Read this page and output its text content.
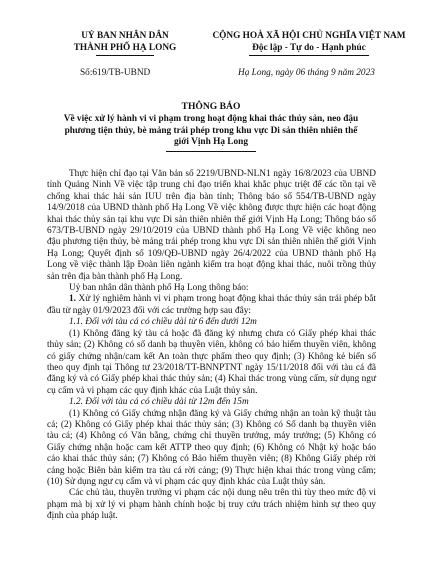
UỶ BAN NHÂN DÂN
THÀNH PHỐ HẠ LONG
CỘNG HOÀ XÃ HỘI CHỦ NGHĨA VIỆT NAM
Độc lập - Tự do - Hạnh phúc
Số:619/TB-UBND	Hạ Long, ngày 06 tháng 9 năm 2023
THÔNG BÁO
Về việc xử lý hành vi vi phạm trong hoạt động khai thác thủy sản, neo đậu phương tiện thủy, bè mảng trái phép trong khu vực Di sản thiên nhiên thế giới Vịnh Hạ Long

Thực hiện chỉ đạo tại Văn bản số 2219/UBND-NLN1 ngày 16/8/2023 của UBND tỉnh Quảng Ninh Về việc tập trung chỉ đạo triển khai khắc phục triệt để các tồn tại về chống khai thác hải sản IUU trên địa bàn tỉnh; Thông báo số 554/TB-UBND ngày 14/9/2018 của UBND thành phố Hạ Long Về việc không được thực hiện các hoạt động khai thác thủy sản tại khu vực Di sản thiên nhiên thế giới Vịnh Hạ Long; Thông báo số 673/TB-UBND ngày 29/10/2019 của UBND thành phố Hạ Long Về việc không neo đậu phương tiện thủy, bè mảng trái phép trong khu vực Di sản thiên nhiên thế giới Vịnh Hạ Long; Quyết định số 109/QĐ-UBND ngày 26/4/2022 của UBND thành phố Hạ Long về việc thành lập Đoàn liên ngành kiểm tra hoạt động khai thác, nuôi trồng thủy sản trên địa bàn thành phố Hạ Long.

Uỷ ban nhân dân thành phố Hạ Long thông báo:

1. Xử lý nghiêm hành vi vi phạm trong hoạt động khai thác thủy sản trái phép bắt đầu từ ngày 01/9/2023 đối với các trường hợp sau đây:

1.1. Đối với tàu cá có chiều dài từ 6 đến dưới 12m

(1) Không đăng ký tàu cá hoặc đã đăng ký nhưng chưa có Giấy phép khai thác thủy sản; (2) Không có số danh bạ thuyền viên, không có bảo hiểm thuyền viên, không có giấy chứng nhận/cam kết An toàn thực phẩm theo quy định; (3) Không kẻ biển số theo quy định tại Thông tư 23/2018/TT-BNNPTNT ngày 15/11/2018 đối với tàu cá đã đăng ký và có Giấy phép khai thác thủy sản; (4) Khai thác trong vùng cấm, sử dụng ngư cụ cấm và vi phạm các quy định khác của Luật thủy sản.

1.2. Đối với tàu cá có chiều dài từ 12m đến 15m

(1) Không có Giấy chứng nhận đăng ký và Giấy chứng nhận an toàn kỹ thuật tàu cá; (2) Không có Giấy phép khai thác thủy sản; (3) Không có Sổ danh bạ thuyền viên tàu cá; (4) Không có Văn bằng, chứng chỉ thuyền trưởng, máy trưởng; (5) Không có Giấy chứng nhận hoặc cam kết ATTP theo quy định; (6) Không có Nhật ký hoặc báo cáo khai thác thủy sản; (7) Không có Bảo hiểm thuyền viên; (8) Không Giấy phép rời cảng hoặc Biên bản kiểm tra tàu cá rời cảng; (9) Thực hiện khai thác trong vùng cấm; (10) Sử dụng ngư cụ cấm và vi phạm các quy định khác của Luật thủy sản.

Các chủ tàu, thuyền trưởng vi phạm các nội dung nêu trên thì tùy theo mức độ vi phạm mà bị xử lý vi phạm hành chính hoặc bị truy cứu trách nhiệm hình sự theo quy định của pháp luật.
